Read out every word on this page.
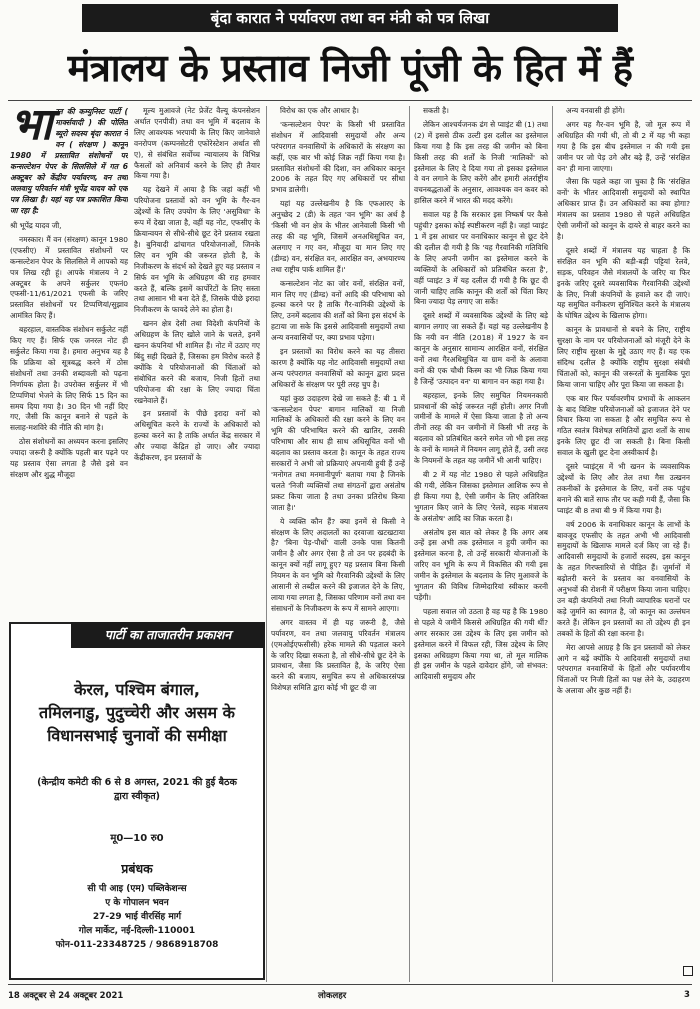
बृंदा कारात ने पर्यावरण तथा वन मंत्री को पत्र लिखा
मंत्रालय के प्रस्ताव निजी पूंजी के हित में हैं

भारत की कम्युनिस्ट पार्टी ( मार्क्सवादी ) की पोलित ब्यूरो सदस्य बृंदा कारात ने वन ( संरक्षण ) कानून 1980 में प्रस्तावित संशोधनों पर कन्सल्टेशन पेपर के सिलसिले में गत 6 अक्टूबर को केंद्रीय पर्यावरण, वन तथा जलवायु परिवर्तन मंत्री भूपेंद्र यादव को एक पत्र लिखा है। यहां यह पत्र प्रकाशित किया जा रहा है:

श्री भूपेंद्र यादव जी,

नमस्कार। मैं वन (संरक्षण) कानून 1980 (एफसीए) में प्रस्तावित संशोधनों पर कन्सल्टेशन पेपर के सिलसिले में आपको यह पत्र लिख रही हूं। आपके मंत्रालय ने 2 अक्टूबर के अपने सर्कुलर एफनं0 एफसी-11/61/2021 एफसी के जरिए प्रस्तावित संशोधनों पर टिप्पणियां/सुझाव आमंत्रित किए हैं।

बहरहाल, वास्तविक संशोधन सर्कुलेट नहीं किए गए हैं। सिर्फ एक जनरल नोट ही सर्कुलेट किया गया है। हमारा अनुभव यह है कि प्रक्रिया को सूत्रबद्ध करने में ठोस संशोधनों तथा उनकी शब्दावली को पढ़ना निर्णायक होता है। उपरोक्त सर्कुलर में भी टिप्पणियां भेजने के लिए सिर्फ 15 दिन का समय दिया गया है। 30 दिन भी नहीं दिए गए, जैसी कि कानून बनाने से पहले के सलाह-मशविरे की नीति की मांग है।

ठोस संशोधनों का अध्ययन करना इसलिए ज्यादा जरूरी है क्योंकि पहली बार पढ़ने पर यह प्रस्ताव ऐसा लगता है जैसे इसे वन संरक्षण और शुद्ध मौजूदा

मूल्य मुआवजे (नेट प्रेजेंट वैल्यू कंपनसेशन अर्थात एनपीवी) तथा वन भूमि में बदलाव के लिए आवश्यक भरपायी के लिए किए जानेवाले वनरोपण (कम्पनसेटरी एफोरेस्टेशन अर्थात सी ए), से संबंधित सर्वोच्च न्यायालय के विभिन्न फैसलों को अनिवार्य करने के लिए ही तैयार किया गया है।

यह देखने में आया है कि जहां कहीं भी परियोजना प्रस्तावों को वन भूमि के गैर-वन उद्देश्यों के लिए उपयोग के लिए 'असुविधा' के रूप में देखा जाता है, वहीं यह नोट, एफसीए के क्रियान्वयन से सीधे-सीधे छूट देने प्रस्ताव रखता है। बुनियादी ढांचागत परियोजनाओं, जिनके लिए वन भूमि की जरूरत होती है, के निजीकरण के संदर्भ को देखते हुए यह प्रस्ताव न सिर्फ वन भूमि के अधिग्रहण की राह हमवार करते हैं, बल्कि इसमें कार्पोरेटों के लिए सस्ता तथा आसान भी बना देते हैं, जिसके पीछे इरादा निजीकरण के फायदे लेने का होता है।

खनन क्षेत्र देसी तथा विदेशी कंपनियों के अधिग्रहण के लिए खोले जाने के चलते, इनमें खनन कंपनियां भी शामिल हैं। नोट में उठाए गए बिंदु सही दिखते हैं, जिसका हम विरोध करते हैं क्योंकि ये परियोजनाओं की चिंताओं को संबोधित करने की बजाय, निजी हितों तथा परियोजना की रक्षा के लिए ज्यादा चिंता रखनेवाले हैं।

इन प्रस्तावों के पीछे इरादा वनों को अधिसूचित करने के राज्यों के अधिकारों को हल्का करने का है ताकि अर्थात केंद्र सरकार में और ज्यादा केंद्रित हो जाए। और ज्यादा केंद्रीकरण, इन प्रस्तावों के

विरोध का एक और आधार है।

'कन्सल्टेशन पेपर' के किसी भी प्रस्तावित संशोधन में आदिवासी समुदायों और अन्य परंपरागत वनवासियों के अधिकारों के संरक्षण का कहीं, एक बार भी कोई जिक्र नहीं किया गया है। प्रस्तावित संशोधनों की दिशा, वन अधिकार कानून 2006 के तहत दिए गए अधिकारों पर सीधा प्रभाव डालेगी।

यहां यह उल्लेखनीय है कि एफआरए के अनुच्छेद 2 (डी) के तहत 'वन भूमि' का अर्थ है 'किसी भी वन क्षेत्र के भीतर आनेवाली किसी भी तरह की वह भूमि, जिसमें अनअधिसूचित वन, अलगाए न गए वन, मौजूदा या मान लिए गए (डीम्ड) वन, संरक्षित वन, आरक्षित वन, अभयारण्य तथा राष्ट्रीय पार्क शामिल हैं।'

कन्सल्टेशन नोट का जोर वनों, संरक्षित वनों, मान लिए गए (डीम्ड) वनों आदि की परिभाषा को हल्का करने पर है ताकि गैर-वानिकी उद्देश्यों के लिए, उनमें बदलाव की शर्तों को बिना इस संदर्भ के हटाया जा सके कि इससे आदिवासी समुदायों तथा अन्य वनवासियों पर, क्या प्रभाव पड़ेगा।

इन प्रस्तावों का विरोध करने का यह तीसरा कारण है क्योंकि यह नोट आदिवासी समुदायों तथा अन्य परंपरागत वनवासियों को कानून द्वारा प्रदत्त अधिकारों के संरक्षण पर पूरी तरह चुप है।

यहां कुछ उदाहरण देखे जा सकते हैं: बी 1 में 'कन्सल्टेशन पेपर' बागान मालिकों या निजी मालिकों के अधिकारों की रक्षा करने के लिए वन भूमि की परिभाषित करने की खातिर, उसकी परिभाषा और साथ ही साथ अधिसूचित वनों भी बदलाव का प्रस्ताव करता है। कानून के तहत राज्य सरकारों ने अभी जो प्रक्रियाएं अपनायी हुयी हैं उन्हें 'मनोगत तथा मनमानीपूर्ण' बताया गया है जिनके चलते 'निजी व्यक्तियों तथा संगठनों द्वारा असंतोष प्रकट किया जाता है तथा उनका प्रतिरोध किया जाता है।'

ये व्यक्ति कौन हैं? क्या इनमें से किसी ने संरक्षण के लिए अदालतों का दरवाजा खटखटाया है? 'बिना पेड़-पौधों' वाली उनके पास कितनी जमीन है और अगर ऐसा है तो उन पर हदबंदी के कानून क्यों नहीं लागू हुए? यह प्रस्ताव बिना किसी नियमन के वन भूमि को गैरवानिकी उद्देश्यों के लिए आसानी से तब्दील करने की इजाजत देने के लिए, लाया गया लगता है, जिसका परिणाम वनों तथा वन संसाधनों के निजीकरण के रूप में सामने आएगा।

अगर वास्तव में ही यह जरूरी है, जैसे पर्यावरण, वन तथा जलवायु परिवर्तन मंत्रालय (एमओईएफसीसी) हरेक मामले की पड़ताल करने के जरिए दिखा सकता है, तो सीधे-सीधे छूट देने के प्रावधान, जैसा कि प्रस्तावित है, के जरिए ऐसा करने की बजाय, समुचित रूप से अधिकारसंपन्न विशेषज्ञ समिति द्वारा कोई भी छूट दी जा

सकती है।

लेकिन आश्चर्यजनक ढंग से प्वाइंट बी (1) तथा (2) में इससे ठीक उल्टी इस दलील का इस्तेमाल किया गया है कि इस तरह की जमीन को बिना किसी तरह की शर्तों के निजी 'मालिकों' को इस्तेमाल के लिए दे दिया गया तो इसका इस्तेमाल वे वन लगाने के लिए करेंगे और हमारी अंतर्राष्ट्रीय वचनबद्धताओं के अनुसार, आवश्यक वन कवर को हासिल करने में भारत की मदद करेंगे।

सवाल यह है कि सरकार इस निष्कर्ष पर कैसे पहुंची? इसका कोई स्पष्टीकरण नहीं है। जहां प्वाइंट 1 में इस आधार पर वनाधिकार कानून से छूट देने की दलील दी गयी है कि 'यह गैरवानिकी गतिविधि के लिए अपनी जमीन का इस्तेमाल करने के व्यक्तियों के अधिकारों को प्रतिबंधित करता है', वहीं प्वाइंट 3 में यह दलील दी गयी है कि छूट दी जानी चाहिए ताकि कानून की शर्तों को चिंता किए बिना ज्यादा पेड़ लगाए जा सकें!

दूसरे शब्दों में व्यवसायिक उद्देश्यों के लिए बड़े बागान लगाए जा सकते हैं। यहां यह उल्लेखनीय है कि नयी वन नीति (2018) में 1927 के वन कानून के अनुसार सामान्य आरक्षित वनों, संरक्षित वनों तथा गैरअधिसूचित या ग्राम वनों के अलावा वनों की एक चौथी किस्म का भी जिक्र किया गया है जिन्हें 'उत्पादन वन' या बागान वन कहा गया है।

बहरहाल, इनके लिए समुचित नियमनकारी प्रावधानों की कोई जरूरत नहीं होती। अगर निजी जमीनों के मामले में ऐसा किया जाता है तो अन्य तीनों तरह की वन जमीनों में किसी भी तरह के बदलाव को प्रतिबंधित करने समेत जो भी इस तरह के वनों के मामले में नियमन लागू होते हैं, उसी तरह के नियमनों के तहत यह जमीनें भी आनी चाहिए।

बी 2 में यह नोट 1980 से पहले अधिग्रहित की गयी, लेकिन जिसका इस्तेमाल आशिक रूप से ही किया गया है, ऐसी जमीन के लिए अतिरिक्त भुगतान किए जाने के लिए 'रेलवे, सड़क मंत्रालय के असंतोष' आदि का जिक्र करता है।

असंतोष इस बात को लेकर है कि अगर अब उन्हें इस अभी तक इस्तेमाल न हुयी जमीन का इस्तेमाल करना है, तो उन्हें सरकारी योजनाओं के जरिए वन भूमि के रूप में विकसित की गयी इस जमीन के इस्तेमाल के बदलाव के लिए मुआवजे के भुगतान की विविध जिम्मेदारियां स्वीकार करनी पड़ेंगी।

पहला सवाल जो उठता है वह यह है कि 1980 से पहले ये जमीनें किससे अधिग्रहित की गयी थीं? अगर सरकार उस उद्देश्य के लिए इस जमीन को इस्तेमाल करने में विफल रही, जिस उद्देश्य के लिए इसका अधिग्रहण किया गया था, तो मूल मालिक ही इस जमीन के पहले दावेदार होंगे, जो संभवत: आदिवासी समुदाय और

अन्य वनवासी ही होंगे।

अगर यह गैर-वन भूमि है, जो मूल रूप में अधिग्रहित की गयी थी, तो बी 2 में यह भी कहा गया है कि इस बीच इस्तेमाल न की गयी इस जमीन पर जो पेड़ उगे और बढ़े हैं, उन्हें 'संरक्षित वन' ही माना जाएगा।

जैसा कि पहले कहा जा चुका है कि 'संरक्षित वनों' के भीतर आदिवासी समुदायों को स्थापित अधिकार प्राप्त हैं। उन अधिकारों का क्या होगा? मंत्रालय का प्रस्ताव 1980 से पहले अधिग्रहित ऐसी जमीनों को कानून के दायरे से बाहर करने का है।

दूसरे शब्दों में मंत्रालय यह चाहता है कि संरक्षित वन भूमि की बड़ी-बड़ी पट्टियां रेलवे, सड़क, परिवहन जैसे मंत्रालयों के जरिए या फिर इनके जरिए दूसरे व्यवसायिक गैरवानिकी उद्देश्यों के लिए, निजी कंपनियों के हवाले कर दी जाएं। यह समुचित वनीकरण सुनिश्चित करने के मंत्रालय के घोषित उद्देश्य के खिलाफ होगा।

कानून के प्रावधानों से बचने के लिए, राष्ट्रीय सुरक्षा के नाम पर परियोजनाओं को मंजूरी देने के लिए राष्ट्रीय सुरक्षा के मुद्दे उठाए गए हैं। यह एक संदिग्ध दलील है क्योंकि राष्ट्रीय सुरक्षा संबंधी चिंताओं को, कानून की जरूरतों के मुताबिक पूरा किया जाना चाहिए और पूरा किया जा सकता है।

एक बार फिर पर्यावरणीय प्रभावों के आकलन के बाद विशिष्ट परियोजनाओं को इजाजत देने पर विचार किया जा सकता है और समुचित रूप से गठित स्वतंत्र विशेषज्ञ समितियों द्वारा शर्तों के साथ इनके लिए छूट दी जा सकती है। बिना किसी सवाल के खुली छूट देना अस्वीकार्य है।

दूसरे प्वाइंट्स में भी खनन के व्यवसायिक उद्देश्यों के लिए और तेल तथा गैस उत्खनन तकनीकों के इस्तेमाल के लिए, वनों तक पहुंच बनाने की बातें साफ तौर पर कही गयी हैं, जैसा कि प्वाइंट बी 8 तथा बी 9 में किया गया है।

वर्ष 2006 के वनाधिकार कानून के लाभों के बावजूद एफसीए के तहत अभी भी आदिवासी समुदायों के खिलाफ मामले दर्ज किए जा रहे हैं। आदिवासी समुदायों के हजारों सदस्य, इस कानून के तहत गिरफ्तारियों से पीड़ित हैं। जुर्मानों में बढ़ोतरी करने के प्रस्ताव का वनवासियों के अनुभवों की रोशनी में परीक्षण किया जाना चाहिए। उन बड़ी कंपनियों तथा निजी व्यापारिक घरानों पर कड़े जुर्माने का स्वागत है, जो कानून का उल्लंघन करते हैं। लेकिन इन प्रस्तावों का तो उद्देश्य ही इन तबकों के हितों की रक्षा करना है।

मेरा आपसे आग्रह है कि इन प्रस्तावों को लेकर आगे न बढ़ें क्योंकि ये आदिवासी समुदायों तथा परंपरागत वनवासियों के हितों और पर्यावरणीय चिंताओं पर निजी हितों का पक्ष लेने के, उदाहरण के अलावा और कुछ नहीं हैं।

पार्टी का ताजातरीन प्रकाशन
केरल, पश्चिम बंगाल,
तमिलनाडु, पुदुच्चेरी और असम के
विधानसभाई चुनावों की समीक्षा
(केन्द्रीय कमेटी की 6 से 8 अगस्त, 2021 की हुई बैठक द्वारा स्वीकृत)
मू0—10 रु0
प्रबंधक
सी पी आइ (एम) पब्लिकेशन्स
ए के गोपालन भवन
27-29 भाई वीरसिंह मार्ग
गोल मार्केट, नई-दिल्ली-110001
फोन-011-23348725 / 9868918708
18 अक्टूबर से 24 अक्टूबर 2021	लोकलहर	3
